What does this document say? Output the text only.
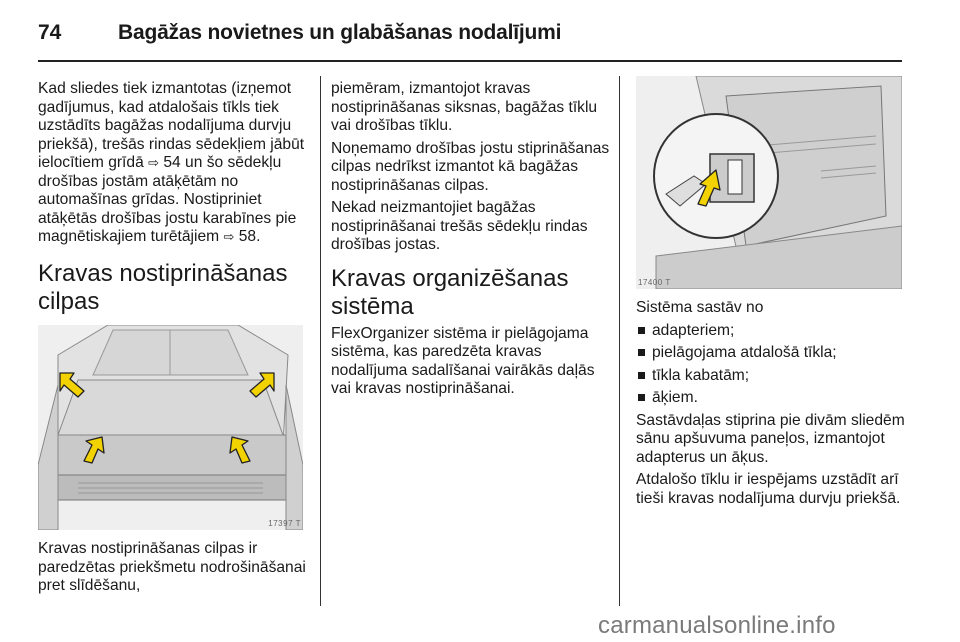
74	Bagāžas novietnes un glabāšanas nodalījumi

Kad sliedes tiek izmantotas (izņemot gadījumus, kad atdalošais tīkls tiek uzstādīts bagāžas nodalījuma durvju priekšā), trešās rindas sēdekļiem jābūt ielocītiem grīdā ⇨ 54 un šo sēdekļu drošības jostām atāķētām no automašīnas grīdas. Nostipriniet atāķētās drošības jostu karabīnes pie magnētiskajiem turētājiem ⇨ 58.

Kravas nostiprināšanas cilpas
17397 T

Kravas nostiprināšanas cilpas ir paredzētas priekšmetu nodrošināšanai pret slīdēšanu,

piemēram, izmantojot kravas nostiprināšanas siksnas, bagāžas tīklu vai drošības tīklu.

Noņemamo drošības jostu stiprināšanas cilpas nedrīkst izmantot kā bagāžas nostiprināšanas cilpas.

Nekad neizmantojiet bagāžas nostiprināšanai trešās sēdekļu rindas drošības jostas.

Kravas organizēšanas sistēma

FlexOrganizer sistēma ir pielāgojama sistēma, kas paredzēta kravas nodalījuma sadalīšanai vairākās daļās vai kravas nostiprināšanai.

17400 T

Sistēma sastāv no

adapteriem;
pielāgojama atdalošā tīkla;
tīkla kabatām;
āķiem.

Sastāvdaļas stiprina pie divām sliedēm sānu apšuvuma paneļos, izmantojot adapterus un āķus.

Atdalošo tīklu ir iespējams uzstādīt arī tieši kravas nodalījuma durvju priekšā.

carmanualsonline.info
